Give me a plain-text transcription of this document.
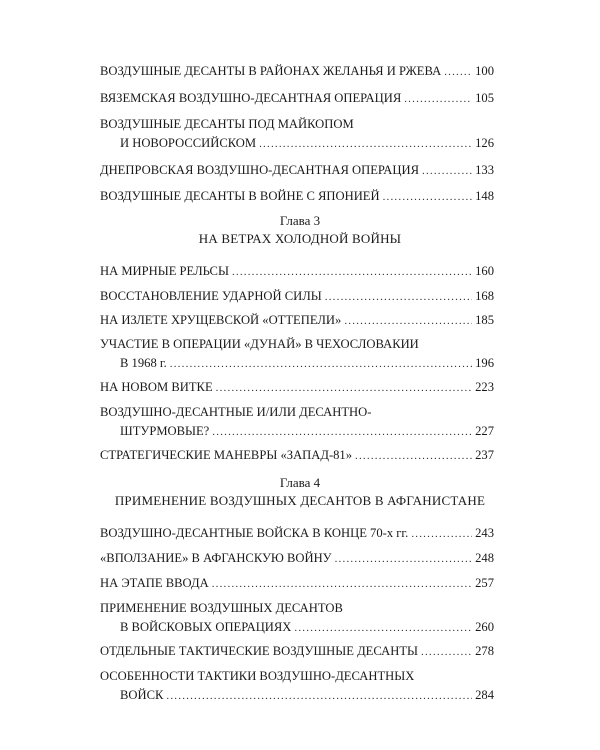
ВОЗДУШНЫЕ ДЕСАНТЫ В РАЙОНАХ ЖЕЛАНЬЯ И РЖЕВА .....	100
ВЯЗЕМСКАЯ ВОЗДУШНО-ДЕСАНТНАЯ ОПЕРАЦИЯ .....	105
ВОЗДУШНЫЕ ДЕСАНТЫ ПОД МАЙКОПОМ
И НОВОРОССИЙСКОМ .....	126
ДНЕПРОВСКАЯ ВОЗДУШНО-ДЕСАНТНАЯ ОПЕРАЦИЯ .....	133
ВОЗДУШНЫЕ ДЕСАНТЫ В ВОЙНЕ С ЯПОНИЕЙ .....	148
Глава 3
НА ВЕТРАХ ХОЛОДНОЙ ВОЙНЫ
НА МИРНЫЕ РЕЛЬСЫ .....	160
ВОССТАНОВЛЕНИЕ УДАРНОЙ СИЛЫ .....	168
НА ИЗЛЕТЕ ХРУЩЕВСКОЙ «ОТТЕПЕЛИ» .....	185
УЧАСТИЕ В ОПЕРАЦИИ «ДУНАЙ» В ЧЕХОСЛОВАКИИ
В 1968 г. .....	196
НА НОВОМ ВИТКЕ .....	223
ВОЗДУШНО-ДЕСАНТНЫЕ И/ИЛИ ДЕСАНТНО-
ШТУРМОВЫЕ? .....	227
СТРАТЕГИЧЕСКИЕ МАНЕВРЫ «ЗАПАД-81» .....	237
Глава 4
ПРИМЕНЕНИЕ ВОЗДУШНЫХ ДЕСАНТОВ В АФГАНИСТАНЕ
ВОЗДУШНО-ДЕСАНТНЫЕ ВОЙСКА В КОНЦЕ 70-х гг. .....	243
«ВПОЛЗАНИЕ» В АФГАНСКУЮ ВОЙНУ .....	248
НА ЭТАПЕ ВВОДА .....	257
ПРИМЕНЕНИЕ ВОЗДУШНЫХ ДЕСАНТОВ
В ВОЙСКОВЫХ ОПЕРАЦИЯХ .....	260
ОТДЕЛЬНЫЕ ТАКТИЧЕСКИЕ ВОЗДУШНЫЕ ДЕСАНТЫ .....	278
ОСОБЕННОСТИ ТАКТИКИ ВОЗДУШНО-ДЕСАНТНЫХ
ВОЙСК .....	284
